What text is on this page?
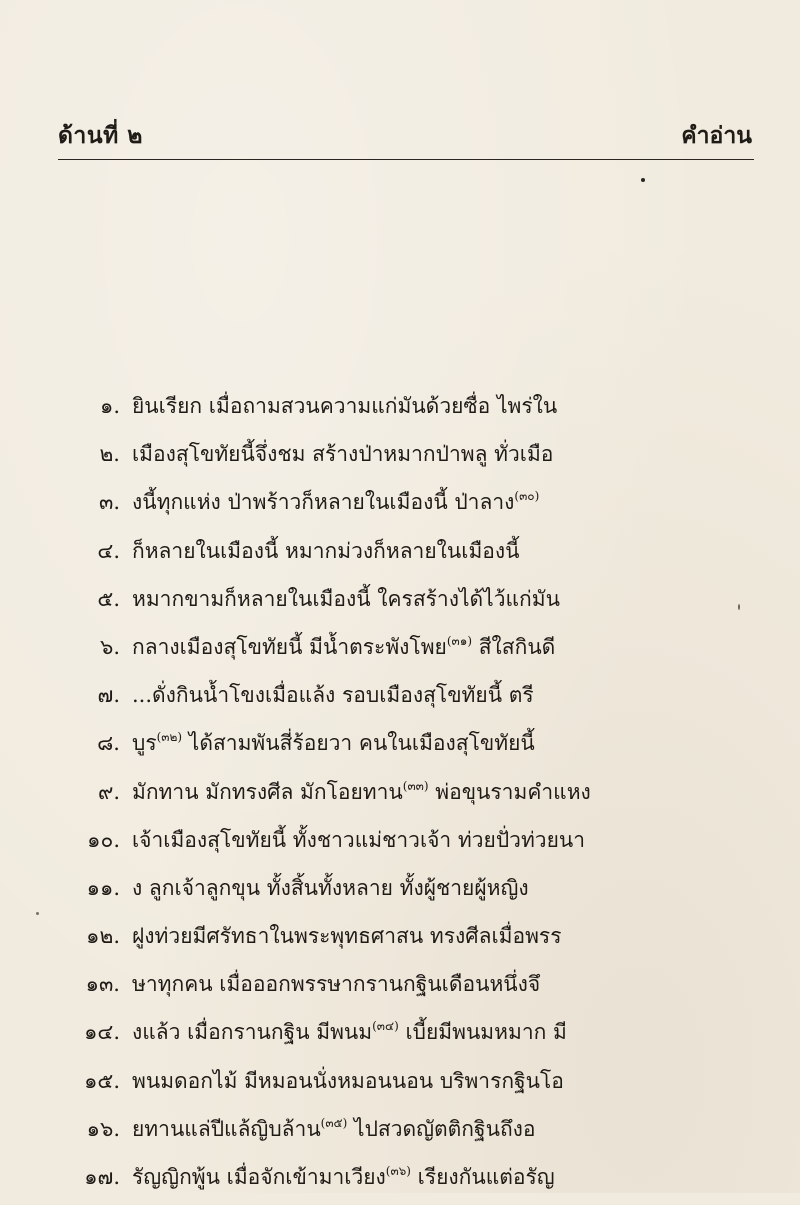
ด้านที่ ๒	คำอ่าน
๑. ยินเรียก เมื่อถามสวนความแก่มันด้วยซื่อ ไพร่ใน
๒. เมืองสุโขทัยนี้จึ่งชม สร้างป่าหมากป่าพลู ทั่วเมือ
๓. งนี้ทุกแห่ง ป่าพร้าวก็หลายในเมืองนี้ ป่าลาง$^{(๓๐)}$
๔. ก็หลายในเมืองนี้ หมากม่วงก็หลายในเมืองนี้
๕. หมากขามก็หลายในเมืองนี้ ใครสร้างได้ไว้แก่มัน
๖. กลางเมืองสุโขทัยนี้ มีน้ำตระพังโพย$^{(๓๑)}$ สีใสกินดี
๗. ...ดั่งกินน้ำโขงเมื่อแล้ง รอบเมืองสุโขทัยนี้ ตรี
๘. บูร$^{(๓๒)}$ ได้สามพันสี่ร้อยวา คนในเมืองสุโขทัยนี้
๙. มักทาน มักทรงศีล มักโอยทาน$^{(๓๓)}$ พ่อขุนรามคำแหง
๑๐. เจ้าเมืองสุโขทัยนี้ ทั้งชาวแม่ชาวเจ้า ท่วยปั่วท่วยนา
๑๑. ง ลูกเจ้าลูกขุน ทั้งสิ้นทั้งหลาย ทั้งผู้ชายผู้หญิง
๑๒. ฝูงท่วยมีศรัทธาในพระพุทธศาสน ทรงศีลเมื่อพรร
๑๓. ษาทุกคน เมื่อออกพรรษากรานกฐินเดือนหนึ่งจึ
๑๔. งแล้ว เมื่อกรานกฐิน มีพนม$^{(๓๔)}$ เบี้ยมีพนมหมาก มี
๑๕. พนมดอกไม้ มีหมอนนั่งหมอนนอน บริพารกฐินโอ
๑๖. ยทานแล่ปีแล้ญิบล้าน$^{(๓๕)}$ ไปสวดญัตติกฐินถึงอ
๑๗. รัญญิกพู้น เมื่อจักเข้ามาเวียง$^{(๓๖)}$ เรียงกันแต่อรัญ
